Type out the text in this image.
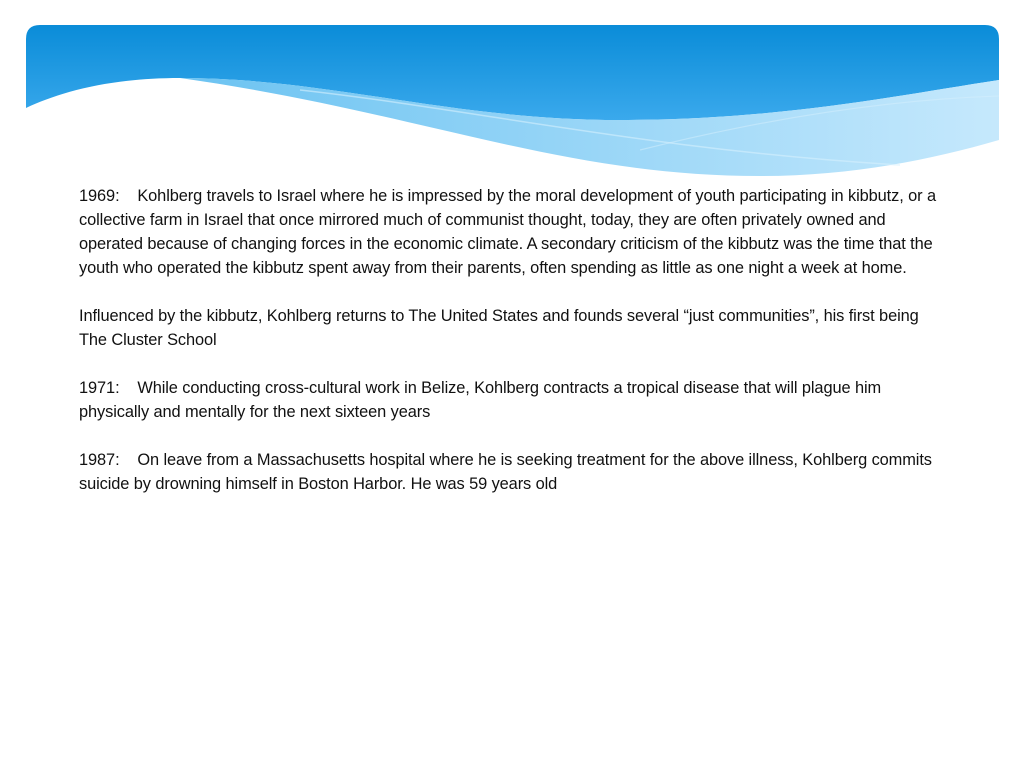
1969:    Kohlberg travels to Israel where he is impressed by the moral development of youth participating in kibbutz, or a collective farm in Israel that once mirrored much of communist thought, today, they are often privately owned and operated because of changing forces in the economic climate. A secondary criticism of the kibbutz was the time that the youth who operated the kibbutz spent away from their parents, often spending as little as one night a week at home.

Influenced by the kibbutz, Kohlberg returns to The United States and founds several “just communities”, his first being The Cluster School

1971:    While conducting cross-cultural work in Belize, Kohlberg contracts a tropical disease that will plague him physically and mentally for the next sixteen years

1987:    On leave from a Massachusetts hospital where he is seeking treatment for the above illness, Kohlberg commits suicide by drowning himself in Boston Harbor. He was 59 years old
